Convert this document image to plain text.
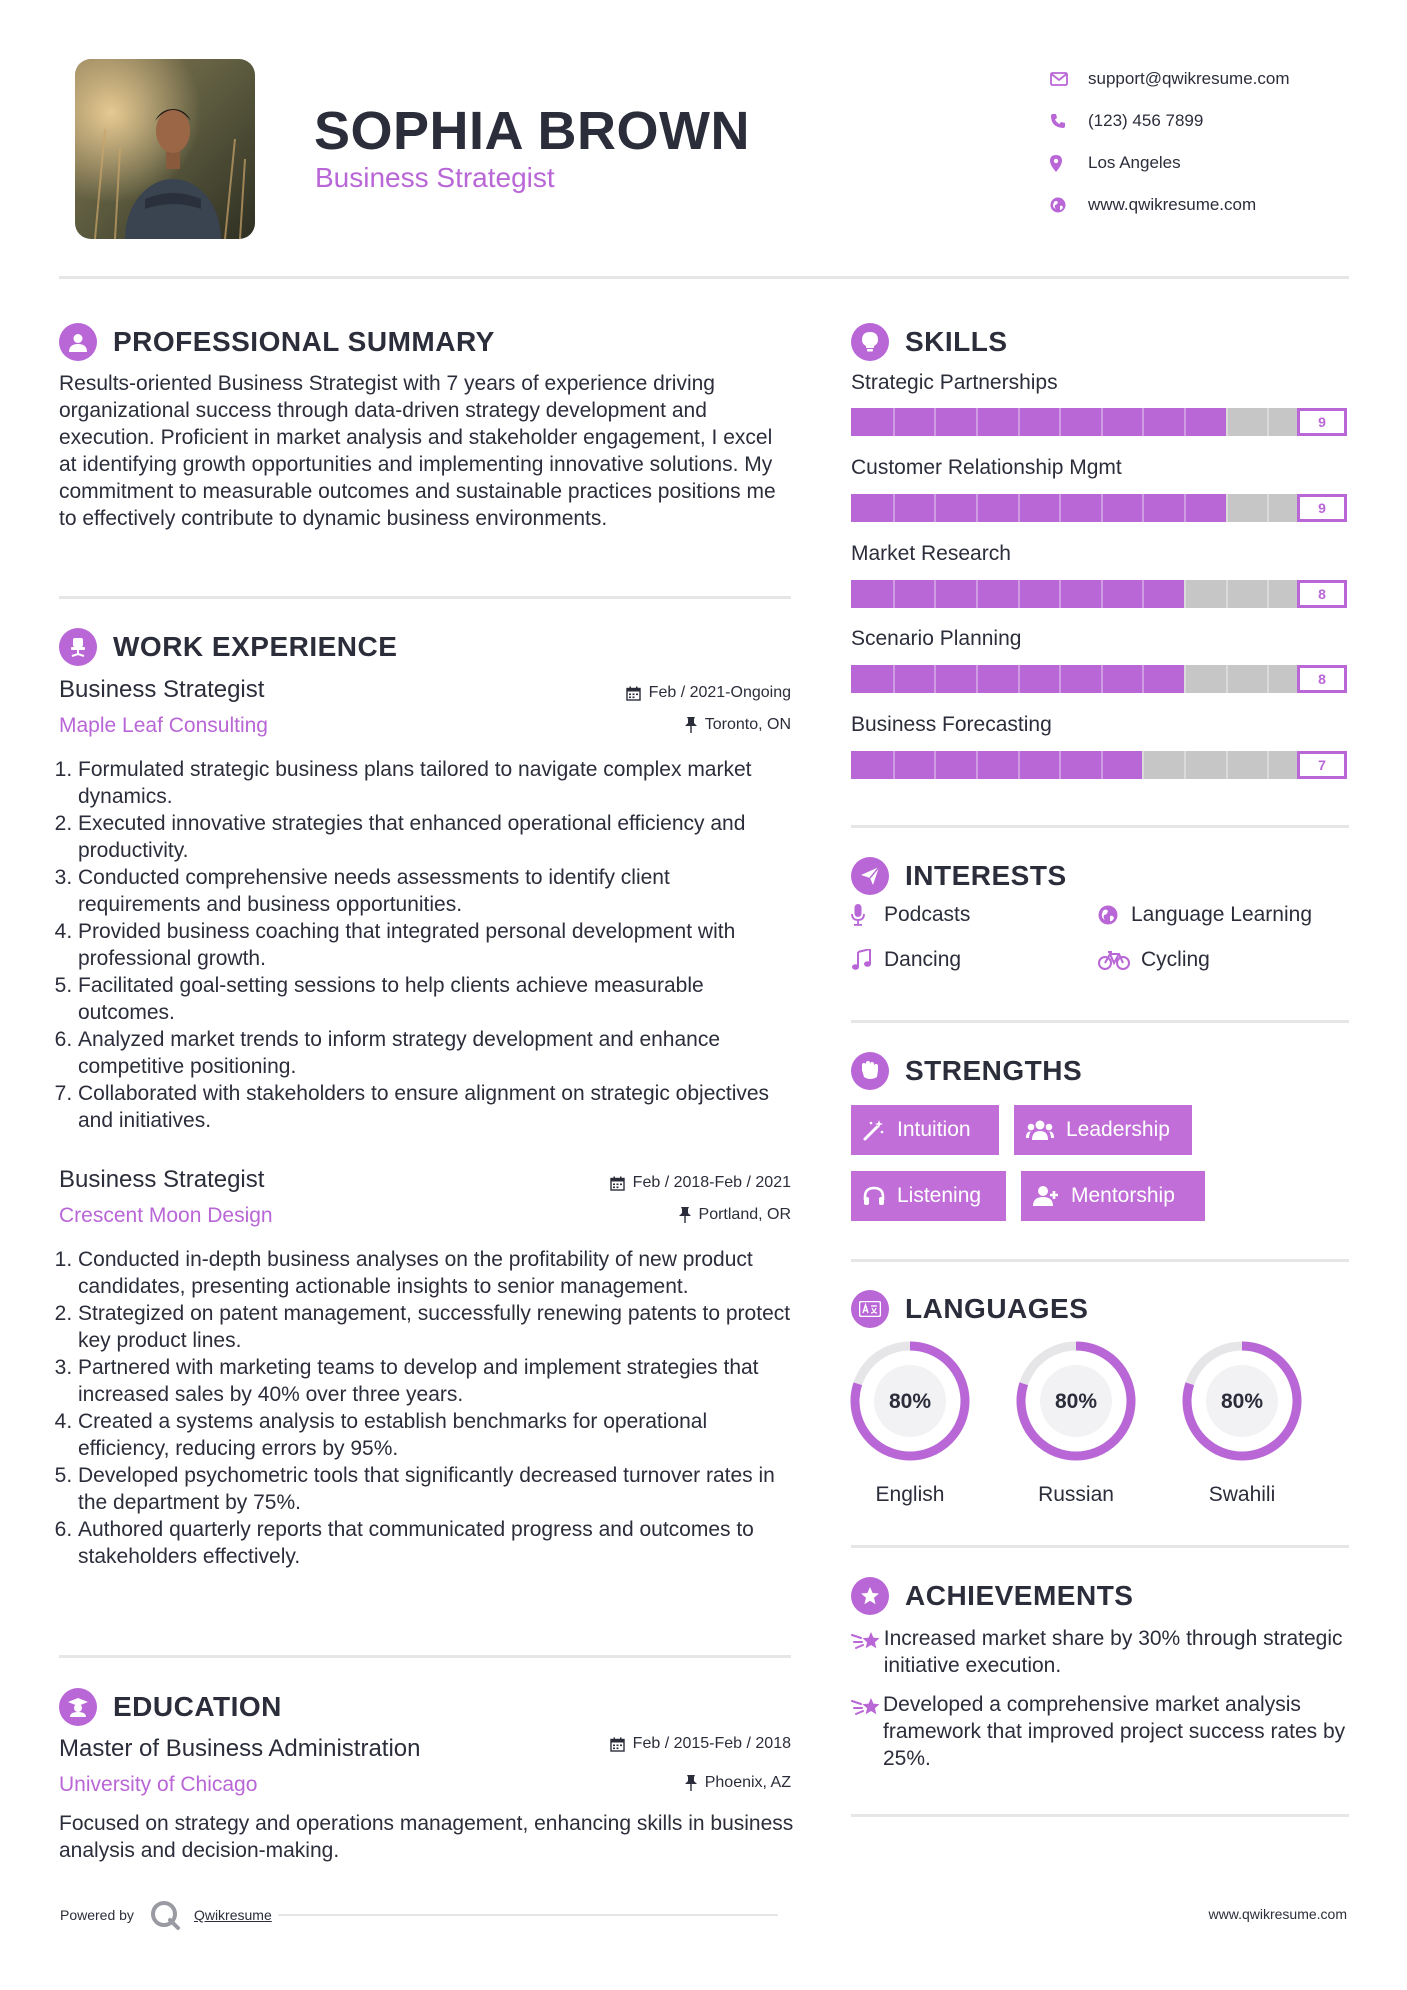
SOPHIA BROWN
Business Strategist
support@qwikresume.com
(123) 456 7899
Los Angeles
www.qwikresume.com
PROFESSIONAL SUMMARY
Results-oriented Business Strategist with 7 years of experience driving organizational success through data-driven strategy development and execution. Proficient in market analysis and stakeholder engagement, I excel at identifying growth opportunities and implementing innovative solutions. My commitment to measurable outcomes and sustainable practices positions me to effectively contribute to dynamic business environments.
WORK EXPERIENCE
Business Strategist
Maple Leaf Consulting
Feb / 2021-Ongoing
Toronto, ON
1. Formulated strategic business plans tailored to navigate complex market dynamics.
2. Executed innovative strategies that enhanced operational efficiency and productivity.
3. Conducted comprehensive needs assessments to identify client requirements and business opportunities.
4. Provided business coaching that integrated personal development with professional growth.
5. Facilitated goal-setting sessions to help clients achieve measurable outcomes.
6. Analyzed market trends to inform strategy development and enhance competitive positioning.
7. Collaborated with stakeholders to ensure alignment on strategic objectives and initiatives.
Business Strategist
Crescent Moon Design
Feb / 2018-Feb / 2021
Portland, OR
1. Conducted in-depth business analyses on the profitability of new product candidates, presenting actionable insights to senior management.
2. Strategized on patent management, successfully renewing patents to protect key product lines.
3. Partnered with marketing teams to develop and implement strategies that increased sales by 40% over three years.
4. Created a systems analysis to establish benchmarks for operational efficiency, reducing errors by 95%.
5. Developed psychometric tools that significantly decreased turnover rates in the department by 75%.
6. Authored quarterly reports that communicated progress and outcomes to stakeholders effectively.
EDUCATION
Master of Business Administration
University of Chicago
Feb / 2015-Feb / 2018
Phoenix, AZ
Focused on strategy and operations management, enhancing skills in business analysis and decision-making.
SKILLS
Strategic Partnerships
9
Customer Relationship Mgmt
9
Market Research
8
Scenario Planning
8
Business Forecasting
7
INTERESTS
Podcasts	Language Learning
Dancing	Cycling
STRENGTHS
Intuition	Leadership
Listening	Mentorship
LANGUAGES
80%
English
80%
Russian
80%
Swahili
ACHIEVEMENTS
Increased market share by 30% through strategic initiative execution.
Developed a comprehensive market analysis framework that improved project success rates by 25%.
Powered by	Qwikresume	www.qwikresume.com
